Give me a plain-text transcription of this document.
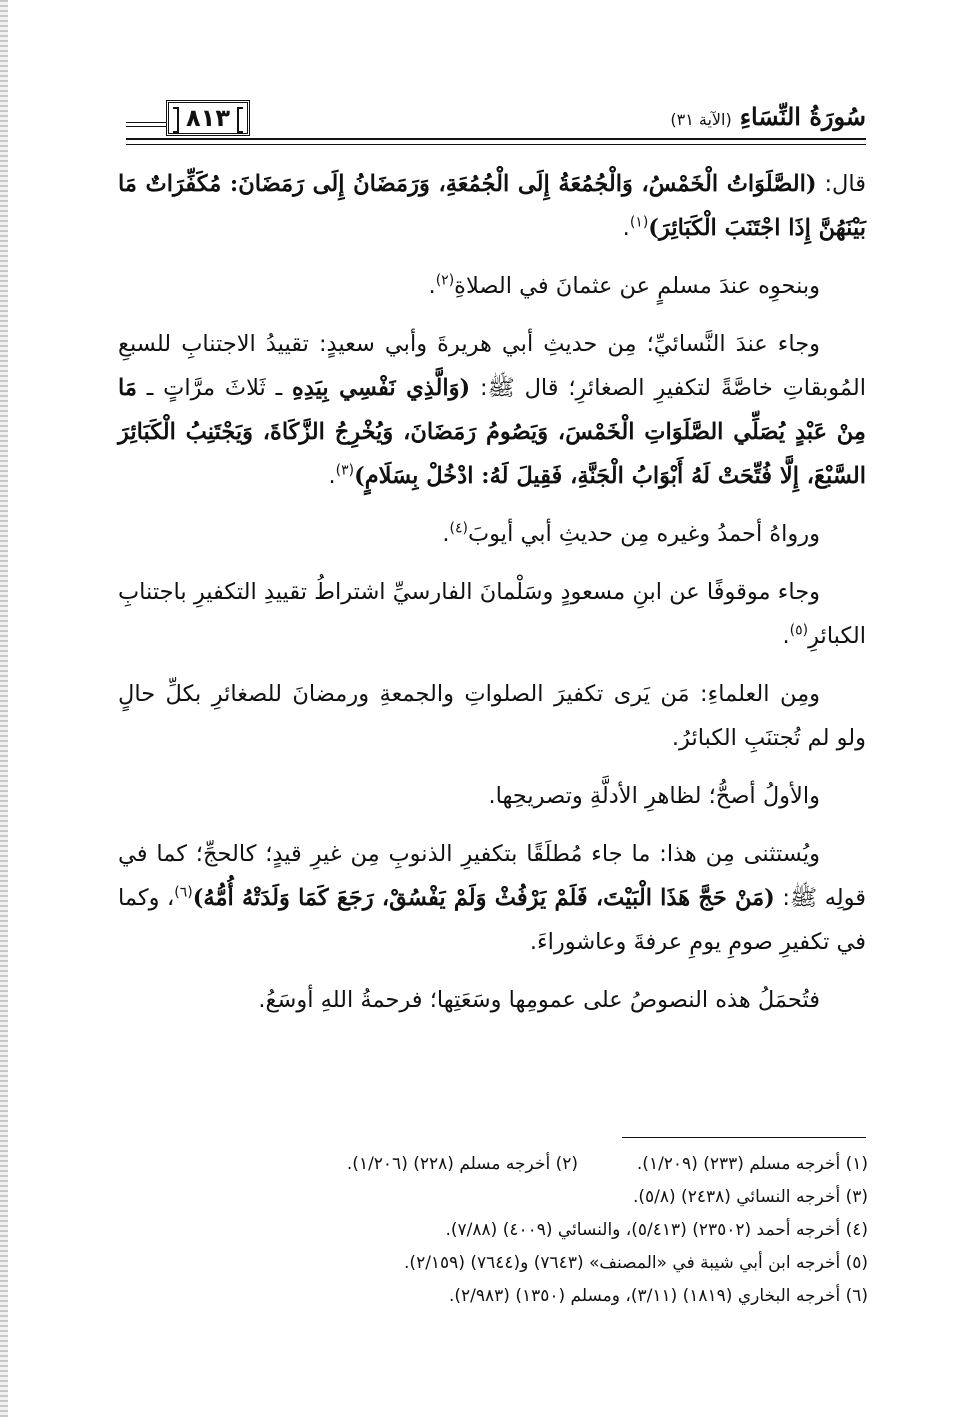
٨١٣	سُورَةُ النِّسَاءِ
(الآية ٣١)

قال: (الصَّلَوَاتُ الْخَمْسُ، وَالْجُمُعَةُ إِلَى الْجُمُعَةِ، وَرَمَضَانُ إِلَى رَمَضَانَ: مُكَفِّرَاتٌ مَا بَيْنَهُنَّ إِذَا اجْتَنَبَ الْكَبَائِرَ)$^{(١)}$.

وبنحوِه عندَ مسلمٍ عن عثمانَ في الصلاةِ$^{(٢)}$.

وجاء عندَ النَّسائيِّ؛ مِن حديثِ أبي هريرةَ وأبي سعيدٍ: تقييدُ الاجتنابِ للسبعِ المُوبقاتِ خاصَّةً لتكفيرِ الصغائرِ؛ قال ﷺ: (وَالَّذِي نَفْسِي بِيَدِهِ ـ ثَلاثَ مرَّاتٍ ـ مَا مِنْ عَبْدٍ يُصَلِّي الصَّلَوَاتِ الْخَمْسَ، وَيَصُومُ رَمَضَانَ، وَيُخْرِجُ الزَّكَاةَ، وَيَجْتَنِبُ الْكَبَائِرَ السَّبْعَ، إِلَّا فُتِّحَتْ لَهُ أَبْوَابُ الْجَنَّةِ، فَقِيلَ لَهُ: ادْخُلْ بِسَلَامٍ)$^{(٣)}$.

ورواهُ أحمدُ وغيره مِن حديثِ أبي أيوبَ$^{(٤)}$.

وجاء موقوفًا عن ابنِ مسعودٍ وسَلْمانَ الفارسيِّ اشتراطُ تقييدِ التكفيرِ باجتنابِ الكبائرِ$^{(٥)}$.

ومِن العلماءِ: مَن يَرى تكفيرَ الصلواتِ والجمعةِ ورمضانَ للصغائرِ بكلِّ حالٍ ولو لم تُجتنَبِ الكبائرُ.

والأولُ أصحُّ؛ لظاهرِ الأدلَّةِ وتصريحِها.

ويُستثنى مِن هذا: ما جاء مُطلَقًا بتكفيرِ الذنوبِ مِن غيرِ قيدٍ؛ كالحجِّ؛ كما في قولِه ﷺ: (مَنْ حَجَّ هَذَا الْبَيْتَ، فَلَمْ يَرْفُثْ وَلَمْ يَفْسُقْ، رَجَعَ كَمَا وَلَدَتْهُ أُمُّهُ)$^{(٦)}$، وكما في تكفيرِ صومِ يومِ عرفةَ وعاشوراءَ.

فتُحمَلُ هذه النصوصُ على عمومِها وسَعَتِها؛ فرحمةُ اللهِ أوسَعُ.

(١) أخرجه مسلم (٢٣٣) (١/٢٠٩).
(٢) أخرجه مسلم (٢٢٨) (١/٢٠٦).
(٣) أخرجه النسائي (٢٤٣٨) (٥/٨).
(٤) أخرجه أحمد (٢٣٥٠٢) (٥/٤١٣)، والنسائي (٤٠٠٩) (٧/٨٨).
(٥) أخرجه ابن أبي شيبة في «المصنف» (٧٦٤٣) و(٧٦٤٤) (٢/١٥٩).
(٦) أخرجه البخاري (١٨١٩) (٣/١١)، ومسلم (١٣٥٠) (٢/٩٨٣).
